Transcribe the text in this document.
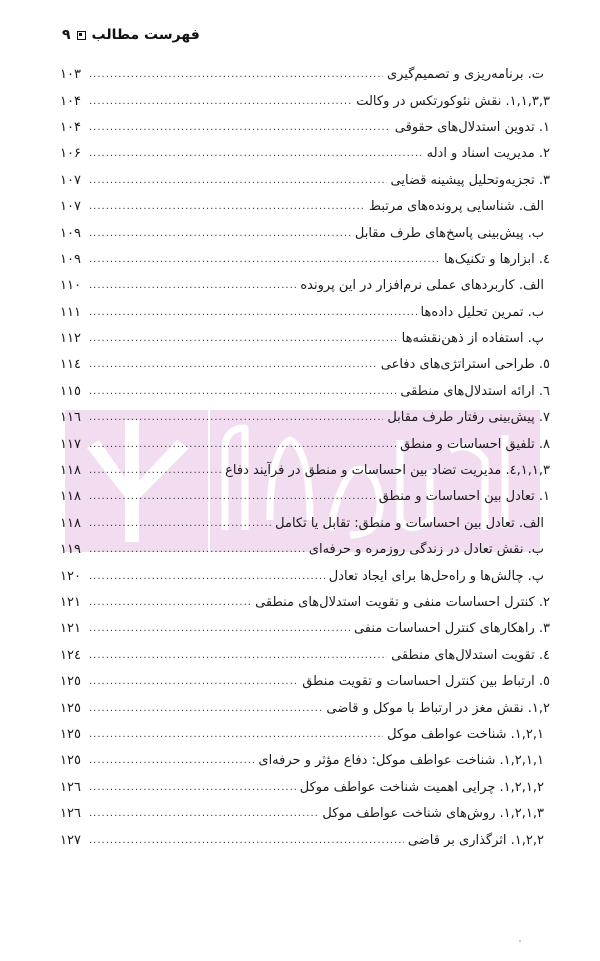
فهرست مطالب
۹
ت. برنامه‌ریزی و تصمیم‌گیری
.....
۱۰۳
۱,۱,۳,۳. نقش نئوکورتکس در وکالت
.....
۱۰۴
۱. تدوین استدلال‌های حقوقی
.....
۱۰۴
۲. مدیریت اسناد و ادله
.....
۱۰۶
۳. تجزیه‌وتحلیل پیشینه قضایی
.....
۱۰۷
الف. شناسایی پرونده‌های مرتبط
.....
۱۰۷
ب. پیش‌بینی پاسخ‌های طرف مقابل
.....
۱۰۹
٤. ابزارها و تکنیک‌ها
.....
۱۰۹
الف. کاربردهای عملی نرم‌افزار در این پرونده
.....
۱۱۰
ب. تمرین تحلیل داده‌ها
.....
۱۱۱
پ. استفاده از ذهن‌نقشه‌ها
.....
۱۱۲
٥. طراحی استراتژی‌های دفاعی
.....
۱۱٤
٦. ارائه استدلال‌های منطقی
.....
۱۱٥
۷. پیش‌بینی رفتار طرف مقابل
.....
۱۱٦
۸. تلفیق احساسات و منطق
.....
۱۱۷
۱,۱,۳,٤. مدیریت تضاد بین احساسات و منطق در فرآیند دفاع
.....
۱۱۸
۱. تعادل بین احساسات و منطق
.....
۱۱۸
الف. تعادل بین احساسات و منطق: تقابل یا تکامل
.....
۱۱۸
ب. نقش تعادل در زندگی روزمره و حرفه‌ای
.....
۱۱۹
پ. چالش‌ها و راه‌حل‌ها برای ایجاد تعادل
.....
۱۲۰
۲. کنترل احساسات منفی و تقویت استدلال‌های منطقی
.....
۱۲۱
۳. راهکارهای کنترل احساسات منفی
.....
۱۲۱
٤. تقویت استدلال‌های منطقی
.....
۱۲٤
٥. ارتباط بین کنترل احساسات و تقویت منطق
.....
۱۲٥
۱,۲. نقش مغز در ارتباط با موکل و قاضی
.....
۱۲٥
۱,۲,۱. شناخت عواطف موکل
.....
۱۲٥
۱,۲,۱,۱. شناخت عواطف موکل: دفاع مؤثر و حرفه‌ای
.....
۱۲٥
۱,۲,۱,۲. چرایی اهمیت شناخت عواطف موکل
.....
۱۲٦
۱,۲,۱,۳. روش‌های شناخت عواطف موکل
.....
۱۲٦
۱,۲,۲. اثرگذاری بر قاضی
.....
۱۲۷
